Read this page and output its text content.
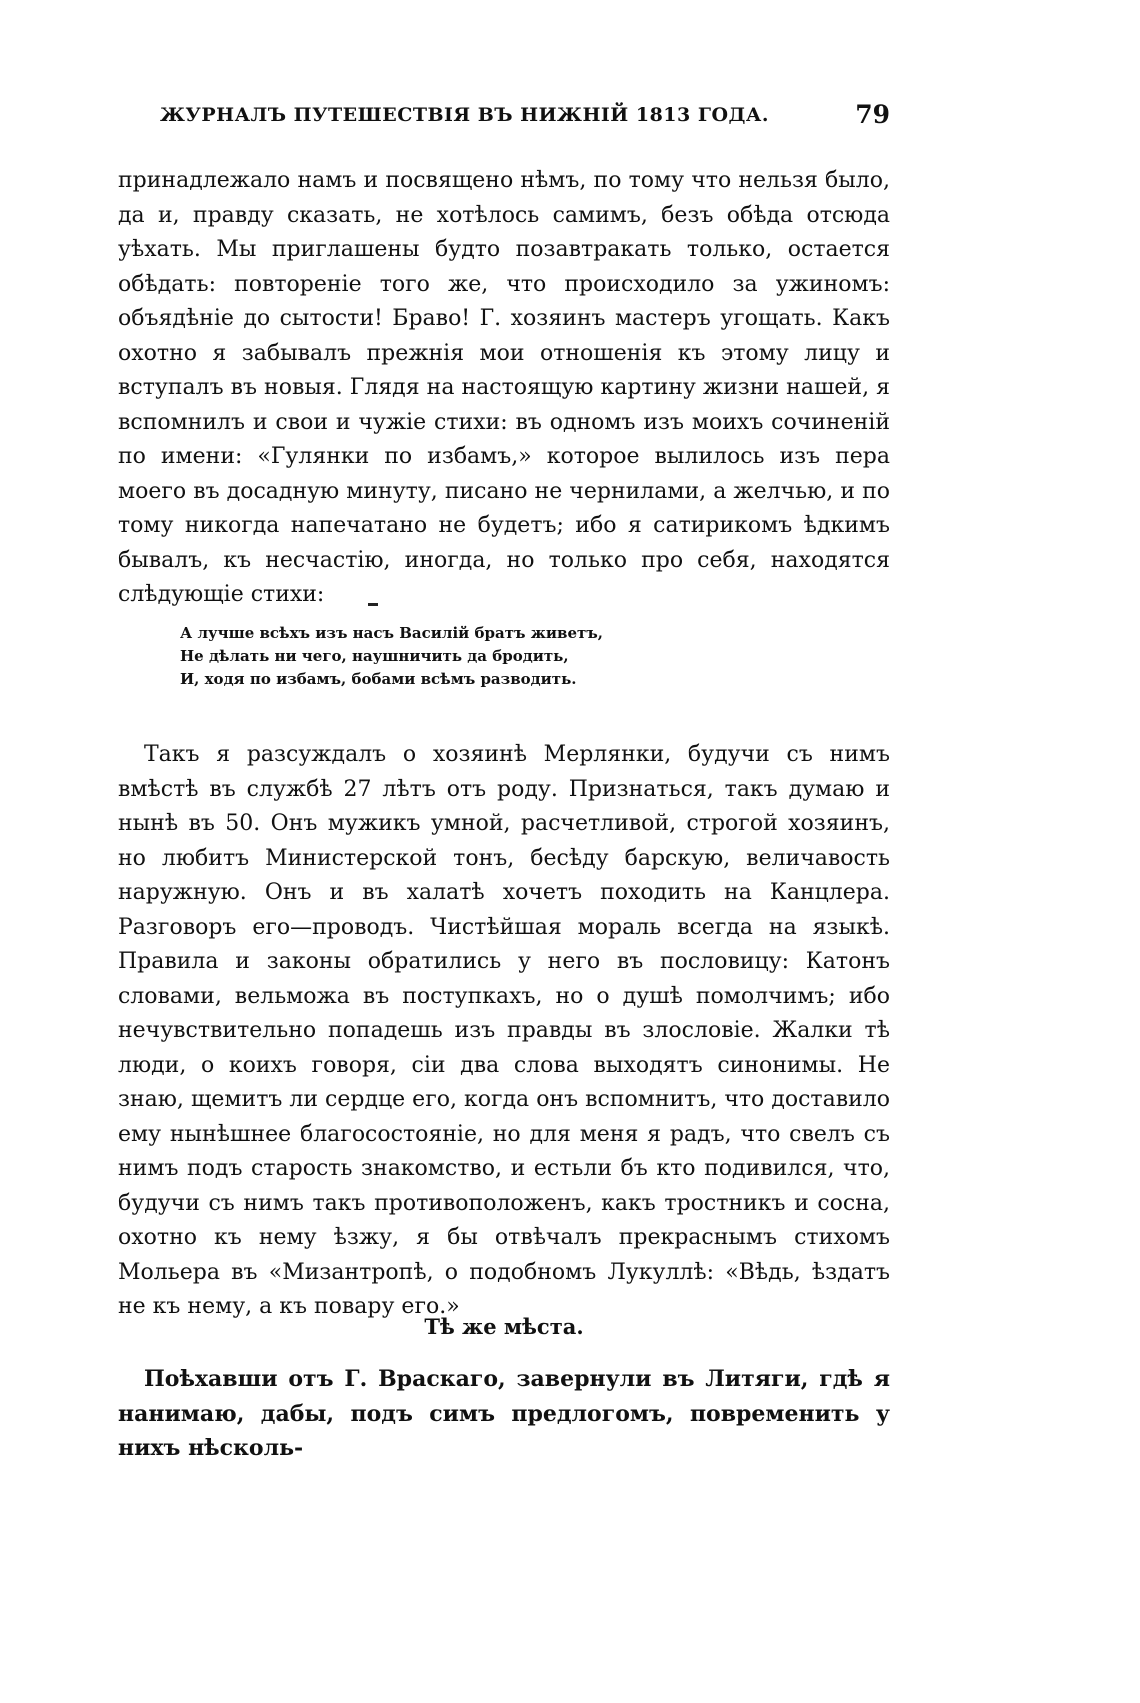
ЖУРНАЛЪ ПУТЕШЕСТВІЯ ВЪ НИЖНІЙ 1813 ГОДА.	79

принадлежало намъ и посвящено нѣмъ, по тому что нельзя было, да и, правду сказать, не хотѣлось самимъ, безъ обѣда отсюда уѣхать. Мы приглашены будто позавтракать только, остается обѣдать: повтореніе того же, что происходило за ужиномъ: объядѣніе до сытости! Браво! Г. хозяинъ мастеръ угощать. Какъ охотно я забывалъ прежнія мои отношенія къ этому лицу и вступалъ въ новыя. Глядя на настоящую картину жизни нашей, я вспомнилъ и свои и чужіе стихи: въ одномъ изъ моихъ сочиненій по имени: «Гулянки по избамъ,» которое вылилось изъ пера моего въ досадную минуту, писано не чернилами, а желчью, и по тому никогда напечатано не будетъ; ибо я сатирикомъ ѣдкимъ бывалъ, къ несчастію, иногда, но только про себя, находятся слѣдующіе стихи:

А лучше всѣхъ изъ насъ Василій братъ живетъ,
Не дѣлать ни чего, наушничить да бродить,
И, ходя по избамъ, бобами всѣмъ разводить.

Такъ я разсуждалъ о хозяинѣ Мерлянки, будучи съ нимъ вмѣстѣ въ службѣ 27 лѣтъ отъ роду. Признаться, такъ думаю и нынѣ въ 50. Онъ мужикъ умной, расчетливой, строгой хозяинъ, но любитъ Министерской тонъ, бесѣду барскую, величавость наружную. Онъ и въ халатѣ хочетъ походить на Канцлера. Разговоръ его—проводъ. Чистѣйшая мораль всегда на языкѣ. Правила и законы обратились у него въ пословицу: Катонъ словами, вельможа въ поступкахъ, но о душѣ помолчимъ; ибо нечувствительно попадешь изъ правды въ злословіе. Жалки тѣ люди, о коихъ говоря, сіи два слова выходятъ синонимы. Не знаю, щемитъ ли сердце его, когда онъ вспомнитъ, что доставило ему нынѣшнее благосостояніе, но для меня я радъ, что свелъ съ нимъ подъ старость знакомство, и естьли бъ кто подивился, что, будучи съ нимъ такъ противоположенъ, какъ тростникъ и сосна, охотно къ нему ѣзжу, я бы отвѣчалъ прекраснымъ стихомъ Мольера въ «Мизантропѣ, о подобномъ Лукуллѣ: «Вѣдь, ѣздатъ не къ нему, а къ повару его.»

Тѣ же мѣста.

Поѣхавши отъ Г. Враскаго, завернули въ Литяги, гдѣ я нанимаю, дабы, подъ симъ предлогомъ, повременить у нихъ нѣсколь-
